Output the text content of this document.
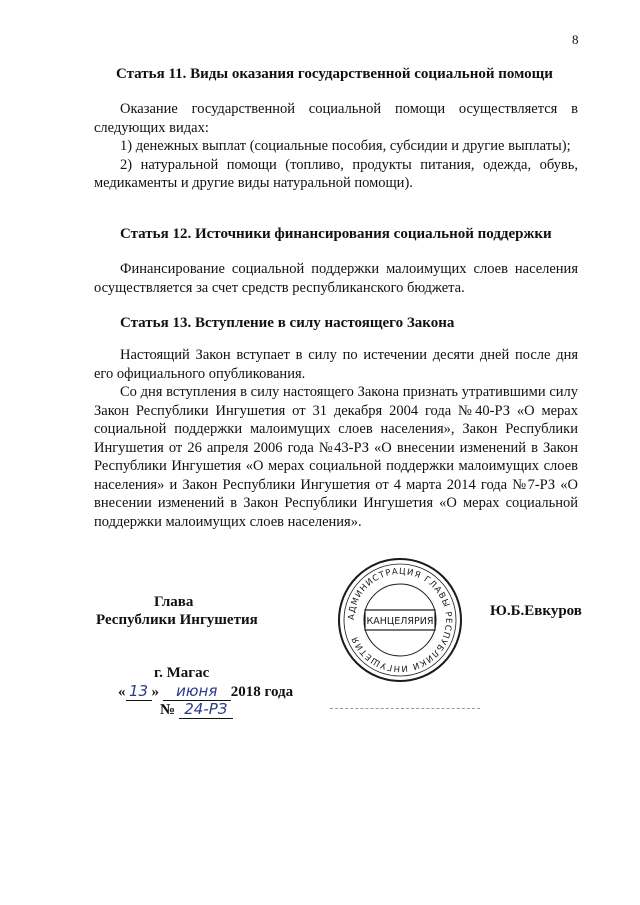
8
Статья 11. Виды оказания государственной социальной помощи

Оказание государственной социальной помощи осуществляется в следующих видах:

1) денежных выплат (социальные пособия, субсидии и другие выплаты);

2) натуральной помощи (топливо, продукты питания, одежда, обувь, медикаменты и другие виды натуральной помощи).

Статья 12. Источники финансирования социальной поддержки

Финансирование социальной поддержки малоимущих слоев населения осуществляется за счет средств республиканского бюджета.

Статья 13. Вступление в силу настоящего Закона

Настоящий Закон вступает в силу по истечении десяти дней после дня его официального опубликования.

Со дня вступления в силу настоящего Закона признать утратившими силу Закон Республики Ингушетия от 31 декабря 2004 года №40-РЗ «О мерах социальной поддержки малоимущих слоев населения», Закон Республики Ингушетия от 26 апреля 2006 года №43-РЗ «О внесении изменений в Закон Республики Ингушетия «О мерах социальной поддержки малоимущих слоев населения» и Закон Республики Ингушетия от 4 марта 2014 года №7-РЗ «О внесении изменений в Закон Республики Ингушетия «О мерах социальной поддержки малоимущих слоев населения».

Глава
Республики Ингушетия
Ю.Б.Евкуров
АДМИНИСТРАЦИЯ ГЛАВЫ РЕСПУБЛИКИ ИНГУШЕТИЯ
КАНЦЕЛЯРИЯ
г. Магас
« 13 » июня 2018 года
№ 24-РЗ
